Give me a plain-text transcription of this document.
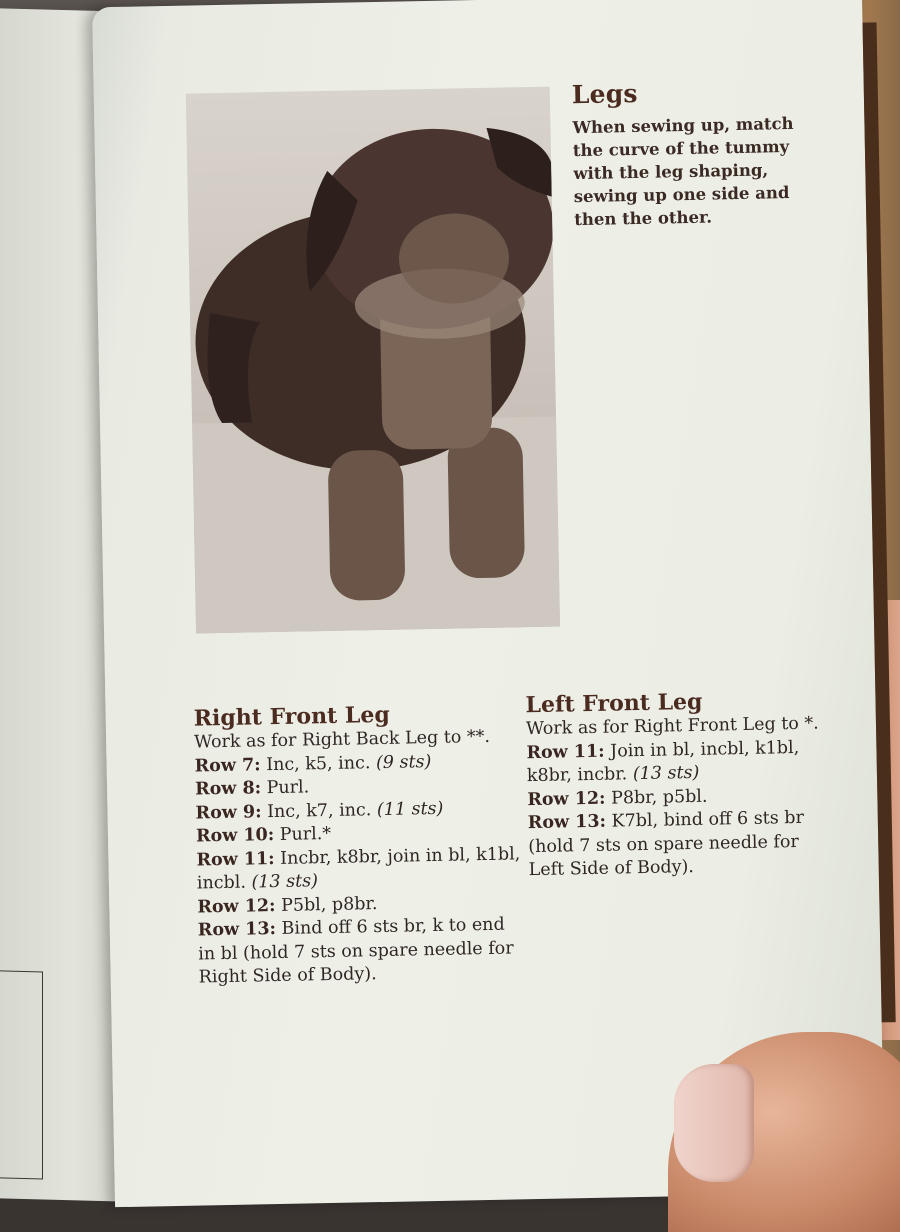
Legs
When sewing up, match
the curve of the tummy
with the leg shaping,
sewing up one side and
then the other.
Right Front Leg
Work as for Right Back Leg to **.
Row 7: Inc, k5, inc. (9 sts)
Row 8: Purl.
Row 9: Inc, k7, inc. (11 sts)
Row 10: Purl.*
Row 11: Incbr, k8br, join in bl, k1bl, incbl. (13 sts)
Row 12: P5bl, p8br.
Row 13: Bind off 6 sts br, k to end in bl (hold 7 sts on spare needle for Right Side of Body).
Left Front Leg
Work as for Right Front Leg to *.
Row 11: Join in bl, incbl, k1bl, k8br, incbr. (13 sts)
Row 12: P8br, p5bl.
Row 13: K7bl, bind off 6 sts br (hold 7 sts on spare needle for Left Side of Body).
